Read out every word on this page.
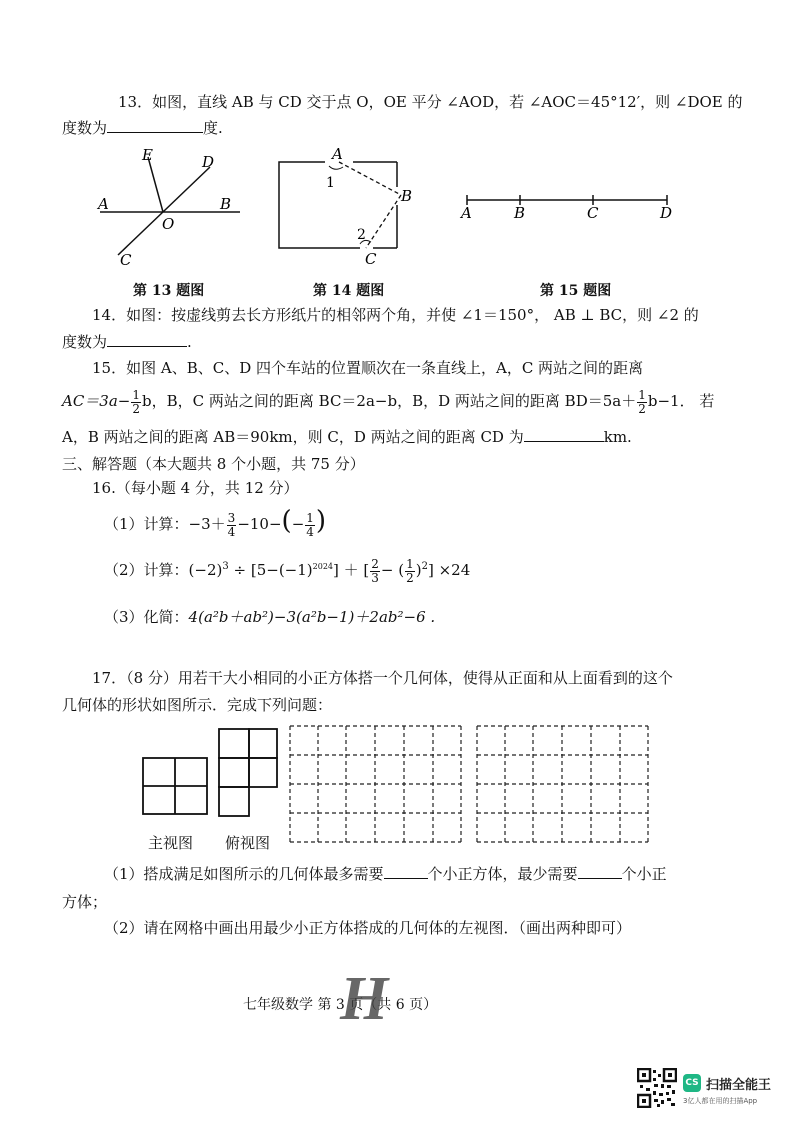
13．如图，直线 AB 与 CD 交于点 O，OE 平分 ∠AOD，若 ∠AOC＝45°12′，则 ∠DOE 的
度数为	度.
A	B
C
D
E
O
第 13 题图
A
B
C
1
2
第 14 题图
A	B	C	D
第 15 题图
14．如图：按虚线剪去长方形纸片的相邻两个角，并使 ∠1＝150°， AB ⊥ BC，则 ∠2 的
度数为	.
15．如图 A、B、C、D 四个车站的位置顺次在一条直线上，A，C 两站之间的距离
$AC=3a- \frac{1}{2}$ b，B，C 两站之间的距离 BC＝2a−b，B，D 两站之间的距离 $BD=5a+ \frac{1}{2} b-1$． 若
A，B 两站之间的距离 AB＝90km，则 C，D 两站之间的距离 CD 为	km.
三、解答题（本大题共 8 个小题，共 75 分）
16.（每小题 4 分，共 12 分）
（1）计算：$-3+ \frac{3}{4} -10-(- \frac{1}{4}$ )
（2）计算：$(-2)^3 \div [5-(-1)^{2024}]$ ＋ [ $\frac{2}{3}$ − ( $\frac{1}{2} )^2] \times 24$
（3）化简：4(a²b＋ab²)−3(a²b−1)＋2ab²−6 .
17．（8 分）用若干大小相同的小正方体搭一个几何体，使得从正面和从上面看到的这个
几何体的形状如图所示．完成下列问题：
主视图 俯视图
（1）搭成满足如图所示的几何体最多需要	个小正方体，最少需要	个小正
方体；
（2）请在网格中画出用最少小正方体搭成的几何体的左视图．（画出两种即可）
七年级数学 第 3 页（共 6 页）
H
CS 扫描全能王
3亿人都在用的扫描App
